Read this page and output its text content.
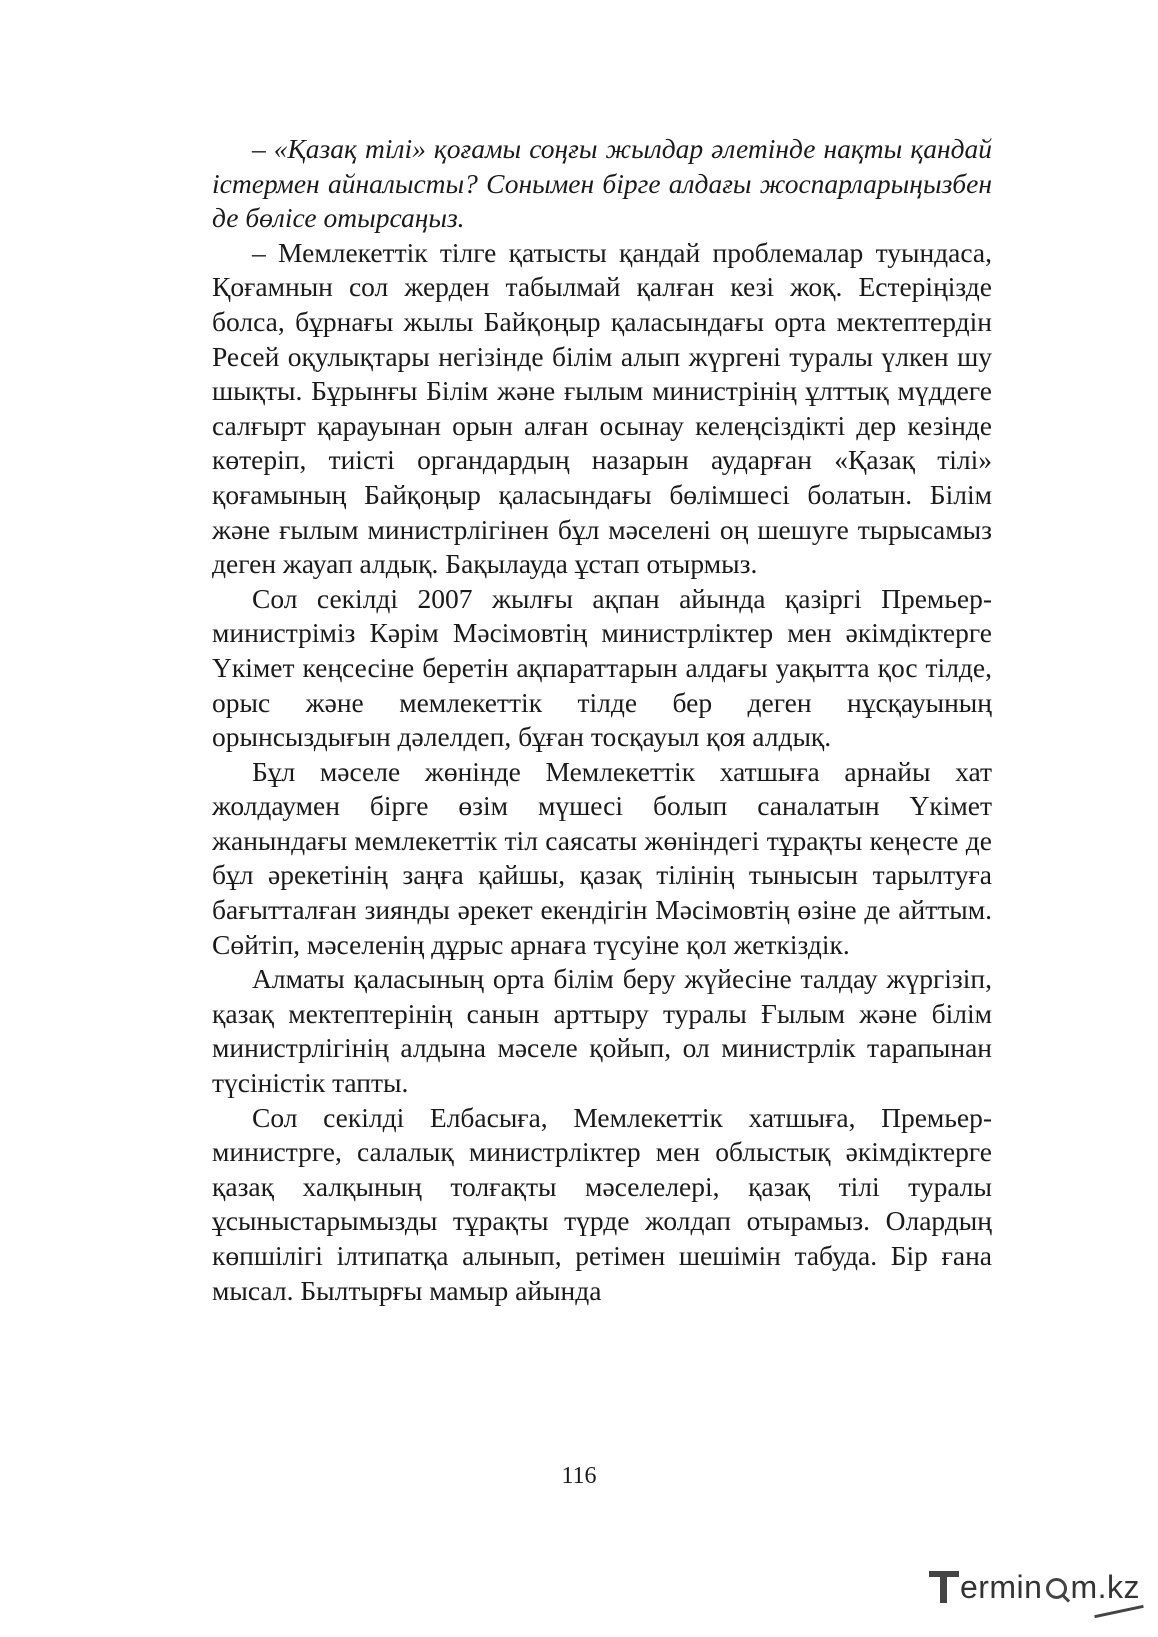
– «Қазақ тілі» қоғамы соңғы жылдар әлетінде нақты қандай істермен айналысты? Сонымен бірге алдағы жоспарларыңызбен де бөлісе отырсаңыз.

– Мемлекеттік тілге қатысты қандай проблемалар туындаса, Қоғамнын сол жерден табылмай қалған кезі жоқ. Естеріңізде болса, бұрнағы жылы Байқоңыр қаласындағы орта мектептердін Ресей оқулықтары негізінде білім алып жүргені туралы үлкен шу шықты. Бұрынғы Білім және ғылым министрінің ұлттық мүддеге салғырт қарауынан орын алған осынау келеңсіздікті дер кезінде көтеріп, тиісті органдардың назарын аударған «Қазақ тілі» қоғамының Байқоңыр қаласындағы бөлімшесі болатын. Білім және ғылым министрлігінен бұл мәселені оң шешуге тырысамыз деген жауап алдық. Бақылауда ұстап отырмыз.

Сол секілді 2007 жылғы ақпан айында қазіргі Премьер-министріміз Кәрім Мәсімовтің министрліктер мен әкімдіктерге Үкімет кеңсесіне беретін ақпараттарын алдағы уақытта қос тілде, орыс және мемлекеттік тілде бер деген нұсқауының орынсыздығын дәлелдеп, бұған тосқауыл қоя алдық.

Бұл мәселе жөнінде Мемлекеттік хатшыға арнайы хат жолдаумен бірге өзім мүшесі болып саналатын Үкімет жанындағы мемлекеттік тіл саясаты жөніндегі тұрақты кеңесте де бұл әрекетінің заңға қайшы, қазақ тілінің тынысын тарылтуға бағытталған зиянды әрекет екендігін Мәсімовтің өзіне де айттым. Сөйтіп, мәселенің дұрыс арнаға түсуіне қол жеткіздік.

Алматы қаласының орта білім беру жүйесіне талдау жүргізіп, қазақ мектептерінің санын арттыру туралы Ғылым және білім министрлігінің алдына мәселе қойып, ол министрлік тарапынан түсіністік тапты.

Сол секілді Елбасыға, Мемлекеттік хатшыға, Премьер-министрге, салалық министрліктер мен облыстық әкімдіктерге қазақ халқының толғақты мәселелері, қазақ тілі туралы ұсыныстарымызды тұрақты түрде жолдап отырамыз. Олардың көпшілігі ілтипатқа алынып, ретімен шешімін табуда. Бір ғана мысал. Былтырғы мамыр айында

116
ermin m.kz
